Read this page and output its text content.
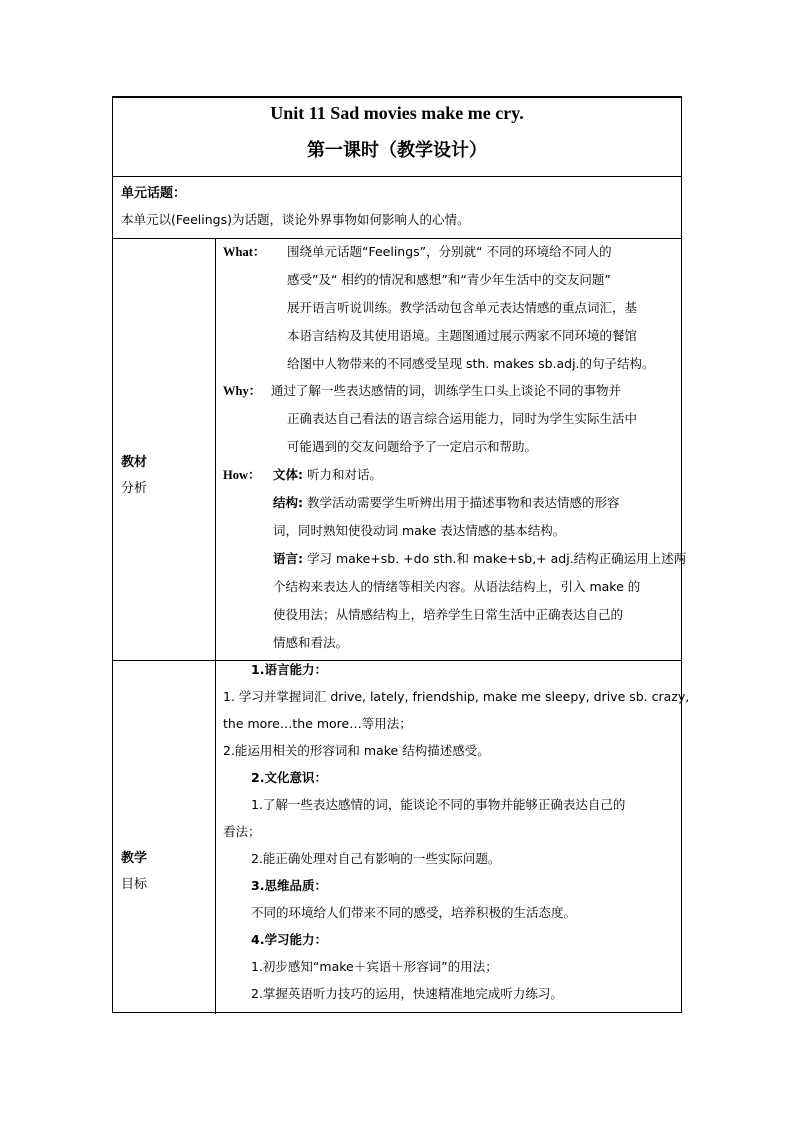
Unit 11 Sad movies make me cry.
第一课时（教学设计）
单元话题：
本单元以(Feelings)为话题，谈论外界事物如何影响人的心情。
教材
分析
What： 围绕单元话题“Feelings”，分别就“ 不同的环境给不同人的
感受”及“ 相约的情况和感想”和“青少年生活中的交友问题”
展开语言听说训练。教学活动包含单元表达情感的重点词汇，基
本语言结构及其使用语境。主题图通过展示两家不同环境的餐馆
给图中人物带来的不同感受呈现 sth. makes sb.adj.的句子结构。
Why： 通过了解一些表达感情的词，训练学生口头上谈论不同的事物并
正确表达自己看法的语言综合运用能力，同时为学生实际生活中
可能遇到的交友问题给予了一定启示和帮助。
How： 文体: 听力和对话。
结构: 教学活动需要学生听辨出用于描述事物和表达情感的形容
词，同时熟知使役动词 make 表达情感的基本结构。
语言: 学习 make+sb. +do sth.和 make+sb,+ adj.结构正确运用上述两
个结构来表达人的情绪等相关内容。从语法结构上，引入 make 的
使役用法；从情感结构上，培养学生日常生活中正确表达自己的
情感和看法。
教学
目标
1.语言能力：
1. 学习并掌握词汇 drive, lately, friendship, make me sleepy, drive sb. crazy,
the more…the more…等用法；
2.能运用相关的形容词和 make 结构描述感受。
2.文化意识：
1.了解一些表达感情的词，能谈论不同的事物并能够正确表达自己的
看法；
2.能正确处理对自己有影响的一些实际问题。
3.思维品质：
不同的环境给人们带来不同的感受，培养积极的生活态度。
4.学习能力：
1.初步感知“make＋宾语＋形容词”的用法；
2.掌握英语听力技巧的运用，快速精准地完成听力练习。
